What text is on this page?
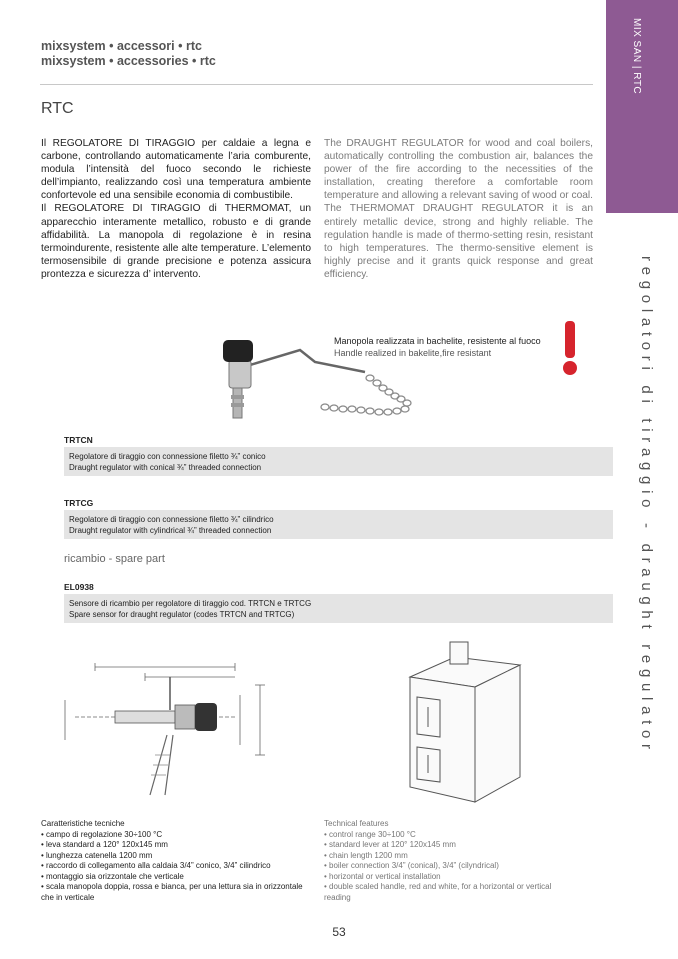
MIX SAN | RTC
regolatori di tiraggio - draught regulator
mixsystem • accessori • rtc
mixsystem • accessories • rtc
RTC

Il REGOLATORE DI TIRAGGIO per caldaie a legna e carbone, controllando automaticamente l’aria comburente, modula l’intensità del fuoco secondo le richieste dell’impianto, realizzando così una temperatura ambiente confortevole ed una sensibile economia di combustibile.

Il REGOLATORE DI TIRAGGIO di THERMOMAT, un apparecchio interamente metallico, robusto e di grande affidabilità. La manopola di regolazione è in resina termoindurente, resistente alle alte temperature. L’elemento termosensibile di grande precisione e potenza assicura prontezza e sicurezza d’ intervento.

The DRAUGHT REGULATOR for wood and coal boilers, automatically controlling the combustion air, balances the power of the fire according to the necessities of the installation, creating therefore a comfortable room temperature and allowing a relevant saving of wood or coal. The THERMOMAT DRAUGHT REGULATOR it is an entirely metallic device, strong and highly reliable. The regulation handle is made of thermo-setting resin, resistant to high temperatures. The thermo-sensitive element is highly precise and it grants quick response and great efficiency.
Manopola realizzata in bachelite, resistente al fuoco
Handle realized in bakelite,fire resistant
TRTCN
Regolatore di tiraggio con connessione filetto ¾” conico
Draught regulator with conical ¾” threaded connection
TRTCG
Regolatore di tiraggio con connessione filetto ¾” cilindrico
Draught regulator with cylindrical ¾” threaded connection
ricambio - spare part
EL0938
Sensore di ricambio per regolatore di tiraggio cod. TRTCN e TRTCG
Spare sensor for draught regulator (codes TRTCN and TRTCG)
Caratteristiche tecniche
• campo di regolazione 30÷100 °C
• leva standard a 120° 120x145 mm
• lunghezza catenella 1200 mm
• raccordo di collegamento alla caldaia 3/4” conico, 3/4” cilindrico
• montaggio sia orizzontale che verticale
• scala manopola doppia, rossa e bianca, per una lettura sia in orizzontale che in verticale
Technical features
• control range 30÷100 °C
• standard lever at 120° 120x145 mm
• chain length 1200 mm
• boiler connection 3/4” (conical), 3/4” (cilyndrical)
• horizontal or vertical installation
• double scaled handle, red and white, for a horizontal or vertical reading
53
